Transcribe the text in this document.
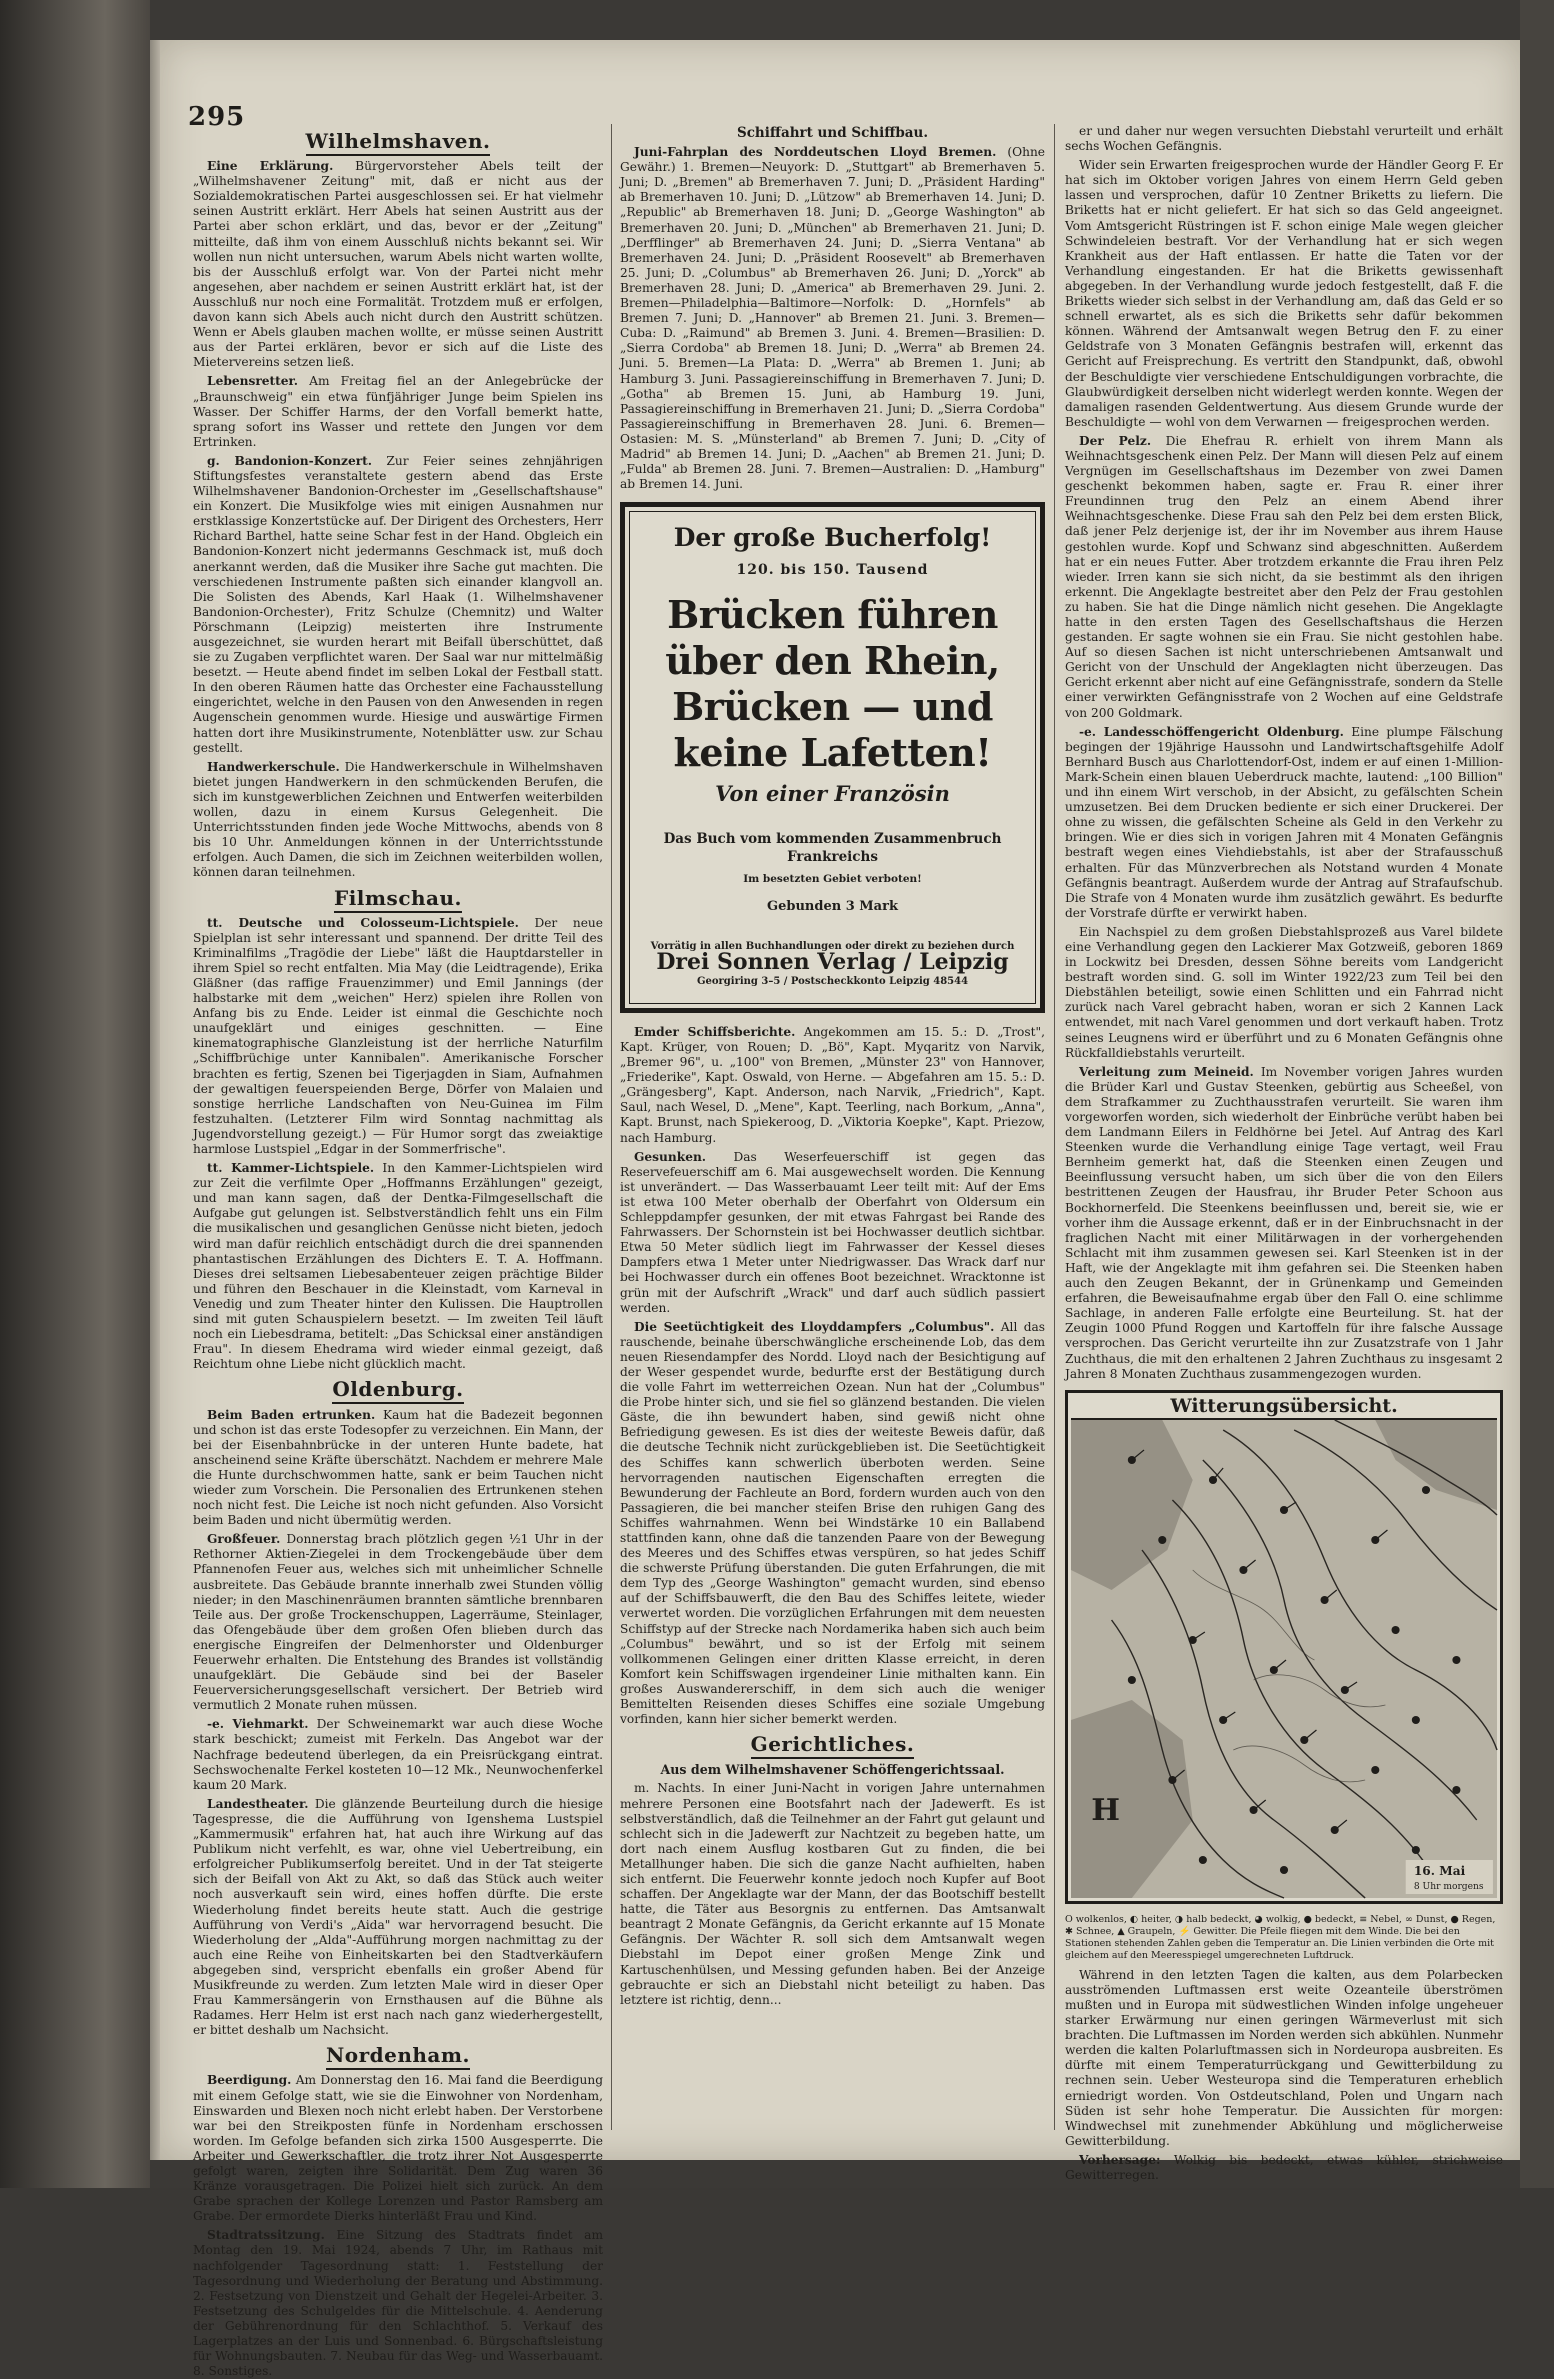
295
Wilhelmshaven.

Eine Erklärung. Bürgervorsteher Abels teilt der „Wilhelmshavener Zeitung" mit, daß er nicht aus der Sozialdemokratischen Partei ausgeschlossen sei. Er hat vielmehr seinen Austritt erklärt. Herr Abels hat seinen Austritt aus der Partei aber schon erklärt, und das, bevor er der „Zeitung" mitteilte, daß ihm von einem Ausschluß nichts bekannt sei. Wir wollen nun nicht untersuchen, warum Abels nicht warten wollte, bis der Ausschluß erfolgt war. Von der Partei nicht mehr angesehen, aber nachdem er seinen Austritt erklärt hat, ist der Ausschluß nur noch eine Formalität. Trotzdem muß er erfolgen, davon kann sich Abels auch nicht durch den Austritt schützen. Wenn er Abels glauben machen wollte, er müsse seinen Austritt aus der Partei erklären, bevor er sich auf die Liste des Mietervereins setzen ließ.

Lebensretter. Am Freitag fiel an der Anlegebrücke der „Braunschweig" ein etwa fünfjähriger Junge beim Spielen ins Wasser. Der Schiffer Harms, der den Vorfall bemerkt hatte, sprang sofort ins Wasser und rettete den Jungen vor dem Ertrinken.

g. Bandonion-Konzert. Zur Feier seines zehnjährigen Stiftungsfestes veranstaltete gestern abend das Erste Wilhelmshavener Bandonion-Orchester im „Gesellschaftshause" ein Konzert. Die Musikfolge wies mit einigen Ausnahmen nur erstklassige Konzertstücke auf. Der Dirigent des Orchesters, Herr Richard Barthel, hatte seine Schar fest in der Hand. Obgleich ein Bandonion-Konzert nicht jedermanns Geschmack ist, muß doch anerkannt werden, daß die Musiker ihre Sache gut machten. Die verschiedenen Instrumente paßten sich einander klangvoll an. Die Solisten des Abends, Karl Haak (1. Wilhelmshavener Bandonion-Orchester), Fritz Schulze (Chemnitz) und Walter Pörschmann (Leipzig) meisterten ihre Instrumente ausgezeichnet, sie wurden herart mit Beifall überschüttet, daß sie zu Zugaben verpflichtet waren. Der Saal war nur mittelmäßig besetzt. — Heute abend findet im selben Lokal der Festball statt. In den oberen Räumen hatte das Orchester eine Fachausstellung eingerichtet, welche in den Pausen von den Anwesenden in regen Augenschein genommen wurde. Hiesige und auswärtige Firmen hatten dort ihre Musikinstrumente, Notenblätter usw. zur Schau gestellt.

Handwerkerschule. Die Handwerkerschule in Wilhelmshaven bietet jungen Handwerkern in den schmückenden Berufen, die sich im kunstgewerblichen Zeichnen und Entwerfen weiterbilden wollen, dazu in einem Kursus Gelegenheit. Die Unterrichtsstunden finden jede Woche Mittwochs, abends von 8 bis 10 Uhr. Anmeldungen können in der Unterrichtsstunde erfolgen. Auch Damen, die sich im Zeichnen weiterbilden wollen, können daran teilnehmen.

Filmschau.

tt. Deutsche und Colosseum-Lichtspiele. Der neue Spielplan ist sehr interessant und spannend. Der dritte Teil des Kriminalfilms „Tragödie der Liebe" läßt die Hauptdarsteller in ihrem Spiel so recht entfalten. Mia May (die Leidtragende), Erika Gläßner (das raffige Frauenzimmer) und Emil Jannings (der halbstarke mit dem „weichen" Herz) spielen ihre Rollen von Anfang bis zu Ende. Leider ist einmal die Geschichte noch unaufgeklärt und einiges geschnitten. — Eine kinematographische Glanzleistung ist der herrliche Naturfilm „Schiffbrüchige unter Kannibalen". Amerikanische Forscher brachten es fertig, Szenen bei Tigerjagden in Siam, Aufnahmen der gewaltigen feuerspeienden Berge, Dörfer von Malaien und sonstige herrliche Landschaften von Neu-Guinea im Film festzuhalten. (Letzterer Film wird Sonntag nachmittag als Jugendvorstellung gezeigt.) — Für Humor sorgt das zweiaktige harmlose Lustspiel „Edgar in der Sommerfrische".

tt. Kammer-Lichtspiele. In den Kammer-Lichtspielen wird zur Zeit die verfilmte Oper „Hoffmanns Erzählungen" gezeigt, und man kann sagen, daß der Dentka-Filmgesellschaft die Aufgabe gut gelungen ist. Selbstverständlich fehlt uns ein Film die musikalischen und gesanglichen Genüsse nicht bieten, jedoch wird man dafür reichlich entschädigt durch die drei spannenden phantastischen Erzählungen des Dichters E. T. A. Hoffmann. Dieses drei seltsamen Liebesabenteuer zeigen prächtige Bilder und führen den Beschauer in die Kleinstadt, vom Karneval in Venedig und zum Theater hinter den Kulissen. Die Hauptrollen sind mit guten Schauspielern besetzt. — Im zweiten Teil läuft noch ein Liebesdrama, betitelt: „Das Schicksal einer anständigen Frau". In diesem Ehedrama wird wieder einmal gezeigt, daß Reichtum ohne Liebe nicht glücklich macht.

Oldenburg.

Beim Baden ertrunken. Kaum hat die Badezeit begonnen und schon ist das erste Todesopfer zu verzeichnen. Ein Mann, der bei der Eisenbahnbrücke in der unteren Hunte badete, hat anscheinend seine Kräfte überschätzt. Nachdem er mehrere Male die Hunte durchschwommen hatte, sank er beim Tauchen nicht wieder zum Vorschein. Die Personalien des Ertrunkenen stehen noch nicht fest. Die Leiche ist noch nicht gefunden. Also Vorsicht beim Baden und nicht übermütig werden.

Großfeuer. Donnerstag brach plötzlich gegen ½1 Uhr in der Rethorner Aktien-Ziegelei in dem Trockengebäude über dem Pfannenofen Feuer aus, welches sich mit unheimlicher Schnelle ausbreitete. Das Gebäude brannte innerhalb zwei Stunden völlig nieder; in den Maschinenräumen brannten sämtliche brennbaren Teile aus. Der große Trockenschuppen, Lagerräume, Steinlager, das Ofengebäude über dem großen Ofen blieben durch das energische Eingreifen der Delmenhorster und Oldenburger Feuerwehr erhalten. Die Entstehung des Brandes ist vollständig unaufgeklärt. Die Gebäude sind bei der Baseler Feuerversicherungsgesellschaft versichert. Der Betrieb wird vermutlich 2 Monate ruhen müssen.

-e. Viehmarkt. Der Schweinemarkt war auch diese Woche stark beschickt; zumeist mit Ferkeln. Das Angebot war der Nachfrage bedeutend überlegen, da ein Preisrückgang eintrat. Sechswochenalte Ferkel kosteten 10—12 Mk., Neunwochenferkel kaum 20 Mark.

Landestheater. Die glänzende Beurteilung durch die hiesige Tagespresse, die die Aufführung von Igenshema Lustspiel „Kammermusik" erfahren hat, hat auch ihre Wirkung auf das Publikum nicht verfehlt, es war, ohne viel Uebertreibung, ein erfolgreicher Publikumserfolg bereitet. Und in der Tat steigerte sich der Beifall von Akt zu Akt, so daß das Stück auch weiter noch ausverkauft sein wird, eines hoffen dürfte. Die erste Wiederholung findet bereits heute statt. Auch die gestrige Aufführung von Verdi's „Aida" war hervorragend besucht. Die Wiederholung der „Alda"-Aufführung morgen nachmittag zu der auch eine Reihe von Einheitskarten bei den Stadtverkäufern abgegeben sind, verspricht ebenfalls ein großer Abend für Musikfreunde zu werden. Zum letzten Male wird in dieser Oper Frau Kammersängerin von Ernsthausen auf die Bühne als Radames. Herr Helm ist erst nach nach ganz wiederhergestellt, er bittet deshalb um Nachsicht.

Nordenham.

Beerdigung. Am Donnerstag den 16. Mai fand die Beerdigung mit einem Gefolge statt, wie sie die Einwohner von Nordenham, Einswarden und Blexen noch nicht erlebt haben. Der Verstorbene war bei den Streikposten fünfe in Nordenham erschossen worden. Im Gefolge befanden sich zirka 1500 Ausgesperrte. Die Arbeiter und Gewerkschaftler, die trotz ihrer Not Ausgesperrte gefolgt waren, zeigten ihre Solidarität. Dem Zug waren 36 Kränze vorausgetragen. Die Polizei hielt sich zurück. An dem Grabe sprachen der Kollege Lorenzen und Pastor Ramsberg am Grabe. Der ermordete Dierks hinterläßt Frau und Kind.

Stadtratssitzung. Eine Sitzung des Stadtrats findet am Montag den 19. Mai 1924, abends 7 Uhr, im Rathaus mit nachfolgender Tagesordnung statt: 1. Feststellung der Tagesordnung und Wiederholung der Beratung und Abstimmung. 2. Festsetzung von Dienstzeit und Gehalt der Hegelei-Arbeiter. 3. Festsetzung des Schulgeldes für die Mittelschule. 4. Aenderung der Gebührenordnung für den Schlachthof. 5. Verkauf des Lagerplatzes an der Luis und Sonnenbad. 6. Bürgschaftsleistung für Wohnungsbauten. 7. Neubau für das Weg- und Wasserbauamt. 8. Sonstiges.

Schiffahrt und Schiffbau.

Juni-Fahrplan des Norddeutschen Lloyd Bremen. (Ohne Gewähr.) 1. Bremen—Neuyork: D. „Stuttgart" ab Bremerhaven 5. Juni; D. „Bremen" ab Bremerhaven 7. Juni; D. „Präsident Harding" ab Bremerhaven 10. Juni; D. „Lützow" ab Bremerhaven 14. Juni; D. „Republic" ab Bremerhaven 18. Juni; D. „George Washington" ab Bremerhaven 20. Juni; D. „München" ab Bremerhaven 21. Juni; D. „Derfflinger" ab Bremerhaven 24. Juni; D. „Sierra Ventana" ab Bremerhaven 24. Juni; D. „Präsident Roosevelt" ab Bremerhaven 25. Juni; D. „Columbus" ab Bremerhaven 26. Juni; D. „Yorck" ab Bremerhaven 28. Juni; D. „America" ab Bremerhaven 29. Juni. 2. Bremen—Philadelphia—Baltimore—Norfolk: D. „Hornfels" ab Bremen 7. Juni; D. „Hannover" ab Bremen 21. Juni. 3. Bremen—Cuba: D. „Raimund" ab Bremen 3. Juni. 4. Bremen—Brasilien: D. „Sierra Cordoba" ab Bremen 18. Juni; D. „Werra" ab Bremen 24. Juni. 5. Bremen—La Plata: D. „Werra" ab Bremen 1. Juni; ab Hamburg 3. Juni. Passagiereinschiffung in Bremerhaven 7. Juni; D. „Gotha" ab Bremen 15. Juni, ab Hamburg 19. Juni, Passagiereinschiffung in Bremerhaven 21. Juni; D. „Sierra Cordoba" Passagiereinschiffung in Bremerhaven 28. Juni. 6. Bremen—Ostasien: M. S. „Münsterland" ab Bremen 7. Juni; D. „City of Madrid" ab Bremen 14. Juni; D. „Aachen" ab Bremen 21. Juni; D. „Fulda" ab Bremen 28. Juni. 7. Bremen—Australien: D. „Hamburg" ab Bremen 14. Juni.

Der große Bucherfolg!
120. bis 150. Tausend
Brücken führen über den Rhein, Brücken — und keine Lafetten!
Von einer Französin
Das Buch vom kommenden Zusammenbruch Frankreichs
Im besetzten Gebiet verboten!
Gebunden 3 Mark
Vorrätig in allen Buchhandlungen oder direkt zu beziehen durch
Drei Sonnen Verlag / Leipzig
Georgiring 3–5 / Postscheckkonto Leipzig 48544

Emder Schiffsberichte. Angekommen am 15. 5.: D. „Trost", Kapt. Krüger, von Rouen; D. „Bö", Kapt. Myqaritz von Narvik, „Bremer 96", u. „100" von Bremen, „Münster 23" von Hannover, „Friederike", Kapt. Oswald, von Herne. — Abgefahren am 15. 5.: D. „Grängesberg", Kapt. Anderson, nach Narvik, „Friedrich", Kapt. Saul, nach Wesel, D. „Mene", Kapt. Teerling, nach Borkum, „Anna", Kapt. Brunst, nach Spiekeroog, D. „Viktoria Koepke", Kapt. Priezow, nach Hamburg.

Gesunken. Das Weserfeuerschiff ist gegen das Reservefeuerschiff am 6. Mai ausgewechselt worden. Die Kennung ist unverändert. — Das Wasserbauamt Leer teilt mit: Auf der Ems ist etwa 100 Meter oberhalb der Oberfahrt von Oldersum ein Schleppdampfer gesunken, der mit etwas Fahrgast bei Rande des Fahrwassers. Der Schornstein ist bei Hochwasser deutlich sichtbar. Etwa 50 Meter südlich liegt im Fahrwasser der Kessel dieses Dampfers etwa 1 Meter unter Niedrigwasser. Das Wrack darf nur bei Hochwasser durch ein offenes Boot bezeichnet. Wracktonne ist grün mit der Aufschrift „Wrack" und darf auch südlich passiert werden.

Die Seetüchtigkeit des Lloyddampfers „Columbus". All das rauschende, beinahe überschwängliche erscheinende Lob, das dem neuen Riesendampfer des Nordd. Lloyd nach der Besichtigung auf der Weser gespendet wurde, bedurfte erst der Bestätigung durch die volle Fahrt im wetterreichen Ozean. Nun hat der „Columbus" die Probe hinter sich, und sie fiel so glänzend bestanden. Die vielen Gäste, die ihn bewundert haben, sind gewiß nicht ohne Befriedigung gewesen. Es ist dies der weiteste Beweis dafür, daß die deutsche Technik nicht zurückgeblieben ist. Die Seetüchtigkeit des Schiffes kann schwerlich überboten werden. Seine hervorragenden nautischen Eigenschaften erregten die Bewunderung der Fachleute an Bord, fordern wurden auch von den Passagieren, die bei mancher steifen Brise den ruhigen Gang des Schiffes wahrnahmen. Wenn bei Windstärke 10 ein Ballabend stattfinden kann, ohne daß die tanzenden Paare von der Bewegung des Meeres und des Schiffes etwas verspüren, so hat jedes Schiff die schwerste Prüfung überstanden. Die guten Erfahrungen, die mit dem Typ des „George Washington" gemacht wurden, sind ebenso auf der Schiffsbauwerft, die den Bau des Schiffes leitete, wieder verwertet worden. Die vorzüglichen Erfahrungen mit dem neuesten Schiffstyp auf der Strecke nach Nordamerika haben sich auch beim „Columbus" bewährt, und so ist der Erfolg mit seinem vollkommenen Gelingen einer dritten Klasse erreicht, in deren Komfort kein Schiffswagen irgendeiner Linie mithalten kann. Ein großes Auswandererschiff, in dem sich auch die weniger Bemittelten Reisenden dieses Schiffes eine soziale Umgebung vorfinden, kann hier sicher bemerkt werden.

Gerichtliches.
Aus dem Wilhelmshavener Schöffengerichtssaal.

m. Nachts. In einer Juni-Nacht in vorigen Jahre unternahmen mehrere Personen eine Bootsfahrt nach der Jadewerft. Es ist selbstverständlich, daß die Teilnehmer an der Fahrt gut gelaunt und schlecht sich in die Jadewerft zur Nachtzeit zu begeben hatte, um dort nach einem Ausflug kostbaren Gut zu finden, die bei Metallhunger haben. Die sich die ganze Nacht aufhielten, haben sich entfernt. Die Feuerwehr konnte jedoch noch Kupfer auf Boot schaffen. Der Angeklagte war der Mann, der das Bootschiff bestellt hatte, die Täter aus Besorgnis zu entfernen. Das Amtsanwalt beantragt 2 Monate Gefängnis, da Gericht erkannte auf 15 Monate Gefängnis. Der Wächter R. soll sich dem Amtsanwalt wegen Diebstahl im Depot einer großen Menge Zink und Kartuschenhülsen, und Messing gefunden haben. Bei der Anzeige gebrauchte er sich an Diebstahl nicht beteiligt zu haben. Das letztere ist richtig, denn...

er und daher nur wegen versuchten Diebstahl verurteilt und erhält sechs Wochen Gefängnis.

Wider sein Erwarten freigesprochen wurde der Händler Georg F. Er hat sich im Oktober vorigen Jahres von einem Herrn Geld geben lassen und versprochen, dafür 10 Zentner Briketts zu liefern. Die Briketts hat er nicht geliefert. Er hat sich so das Geld angeeignet. Vom Amtsgericht Rüstringen ist F. schon einige Male wegen gleicher Schwindeleien bestraft. Vor der Verhandlung hat er sich wegen Krankheit aus der Haft entlassen. Er hatte die Taten vor der Verhandlung eingestanden. Er hat die Briketts gewissenhaft abgegeben. In der Verhandlung wurde jedoch festgestellt, daß F. die Briketts wieder sich selbst in der Verhandlung am, daß das Geld er so schnell erwartet, als es sich die Briketts sehr dafür bekommen können. Während der Amtsanwalt wegen Betrug den F. zu einer Geldstrafe von 3 Monaten Gefängnis bestrafen will, erkennt das Gericht auf Freisprechung. Es vertritt den Standpunkt, daß, obwohl der Beschuldigte vier verschiedene Entschuldigungen vorbrachte, die Glaubwürdigkeit derselben nicht widerlegt werden konnte. Wegen der damaligen rasenden Geldentwertung. Aus diesem Grunde wurde der Beschuldigte — wohl von dem Verwarnen — freigesprochen werden.

Der Pelz. Die Ehefrau R. erhielt von ihrem Mann als Weihnachtsgeschenk einen Pelz. Der Mann will diesen Pelz auf einem Vergnügen im Gesellschaftshaus im Dezember von zwei Damen geschenkt bekommen haben, sagte er. Frau R. einer ihrer Freundinnen trug den Pelz an einem Abend ihrer Weihnachtsgeschenke. Diese Frau sah den Pelz bei dem ersten Blick, daß jener Pelz derjenige ist, der ihr im November aus ihrem Hause gestohlen wurde. Kopf und Schwanz sind abgeschnitten. Außerdem hat er ein neues Futter. Aber trotzdem erkannte die Frau ihren Pelz wieder. Irren kann sie sich nicht, da sie bestimmt als den ihrigen erkennt. Die Angeklagte bestreitet aber den Pelz der Frau gestohlen zu haben. Sie hat die Dinge nämlich nicht gesehen. Die Angeklagte hatte in den ersten Tagen des Gesellschaftshaus die Herzen gestanden. Er sagte wohnen sie ein Frau. Sie nicht gestohlen habe. Auf so diesen Sachen ist nicht unterschriebenen Amtsanwalt und Gericht von der Unschuld der Angeklagten nicht überzeugen. Das Gericht erkennt aber nicht auf eine Gefängnisstrafe, sondern da Stelle einer verwirkten Gefängnisstrafe von 2 Wochen auf eine Geldstrafe von 200 Goldmark.

-e. Landesschöffengericht Oldenburg. Eine plumpe Fälschung begingen der 19jährige Haussohn und Landwirtschaftsgehilfe Adolf Bernhard Busch aus Charlottendorf-Ost, indem er auf einen 1-Million-Mark-Schein einen blauen Ueberdruck machte, lautend: „100 Billion" und ihn einem Wirt verschob, in der Absicht, zu gefälschten Schein umzusetzen. Bei dem Drucken bediente er sich einer Druckerei. Der ohne zu wissen, die gefälschten Scheine als Geld in den Verkehr zu bringen. Wie er dies sich in vorigen Jahren mit 4 Monaten Gefängnis bestraft wegen eines Viehdiebstahls, ist aber der Strafausschuß erhalten. Für das Münzverbrechen als Notstand wurden 4 Monate Gefängnis beantragt. Außerdem wurde der Antrag auf Strafaufschub. Die Strafe von 4 Monaten wurde ihm zusätzlich gewährt. Es bedurfte der Vorstrafe dürfte er verwirkt haben.

Ein Nachspiel zu dem großen Diebstahlsprozeß aus Varel bildete eine Verhandlung gegen den Lackierer Max Gotzweiß, geboren 1869 in Lockwitz bei Dresden, dessen Söhne bereits vom Landgericht bestraft worden sind. G. soll im Winter 1922/23 zum Teil bei den Diebstählen beteiligt, sowie einen Schlitten und ein Fahrrad nicht zurück nach Varel gebracht haben, woran er sich 2 Kannen Lack entwendet, mit nach Varel genommen und dort verkauft haben. Trotz seines Leugnens wird er überführt und zu 6 Monaten Gefängnis ohne Rückfalldiebstahls verurteilt.

Verleitung zum Meineid. Im November vorigen Jahres wurden die Brüder Karl und Gustav Steenken, gebürtig aus Scheeßel, von dem Strafkammer zu Zuchthausstrafen verurteilt. Sie waren ihm vorgeworfen worden, sich wiederholt der Einbrüche verübt haben bei dem Landmann Eilers in Feldhörne bei Jetel. Auf Antrag des Karl Steenken wurde die Verhandlung einige Tage vertagt, weil Frau Bernheim gemerkt hat, daß die Steenken einen Zeugen und Beeinflussung versucht haben, um sich über die von den Eilers bestrittenen Zeugen der Hausfrau, ihr Bruder Peter Schoon aus Bockhornerfeld. Die Steenkens beeinflussen und, bereit sie, wie er vorher ihm die Aussage erkennt, daß er in der Einbruchsnacht in der fraglichen Nacht mit einer Militärwagen in der vorhergehenden Schlacht mit ihm zusammen gewesen sei. Karl Steenken ist in der Haft, wie der Angeklagte mit ihm gefahren sei. Die Steenken haben auch den Zeugen Bekannt, der in Grünenkamp und Gemeinden erfahren, die Beweisaufnahme ergab über den Fall O. eine schlimme Sachlage, in anderen Falle erfolgte eine Beurteilung. St. hat der Zeugin 1000 Pfund Roggen und Kartoffeln für ihre falsche Aussage versprochen. Das Gericht verurteilte ihn zur Zusatzstrafe von 1 Jahr Zuchthaus, die mit den erhaltenen 2 Jahren Zuchthaus zu insgesamt 2 Jahren 8 Monaten Zuchthaus zusammengezogen wurden.

Witterungsübersicht.
H
16. Mai
8 Uhr morgens
O wolkenlos, ◐ heiter, ◑ halb bedeckt, ◕ wolkig, ● bedeckt, ≡ Nebel, ∞ Dunst, ● Regen, ✱ Schnee, ▲ Graupeln, ⚡ Gewitter. Die Pfeile fliegen mit dem Winde. Die bei den Stationen stehenden Zahlen geben die Temperatur an. Die Linien verbinden die Orte mit gleichem auf den Meeresspiegel umgerechneten Luftdruck.

Während in den letzten Tagen die kalten, aus dem Polarbecken ausströmenden Luftmassen erst weite Ozeanteile überströmen mußten und in Europa mit südwestlichen Winden infolge ungeheuer starker Erwärmung nur einen geringen Wärmeverlust mit sich brachten. Die Luftmassen im Norden werden sich abkühlen. Nunmehr werden die kalten Polarluftmassen sich in Nordeuropa ausbreiten. Es dürfte mit einem Temperaturrückgang und Gewitterbildung zu rechnen sein. Ueber Westeuropa sind die Temperaturen erheblich erniedrigt worden. Von Ostdeutschland, Polen und Ungarn nach Süden ist sehr hohe Temperatur. Die Aussichten für morgen: Windwechsel mit zunehmender Abkühlung und möglicherweise Gewitterbildung.

Vorhersage: Wolkig bis bedeckt, etwas kühler, strichweise Gewitterregen.
